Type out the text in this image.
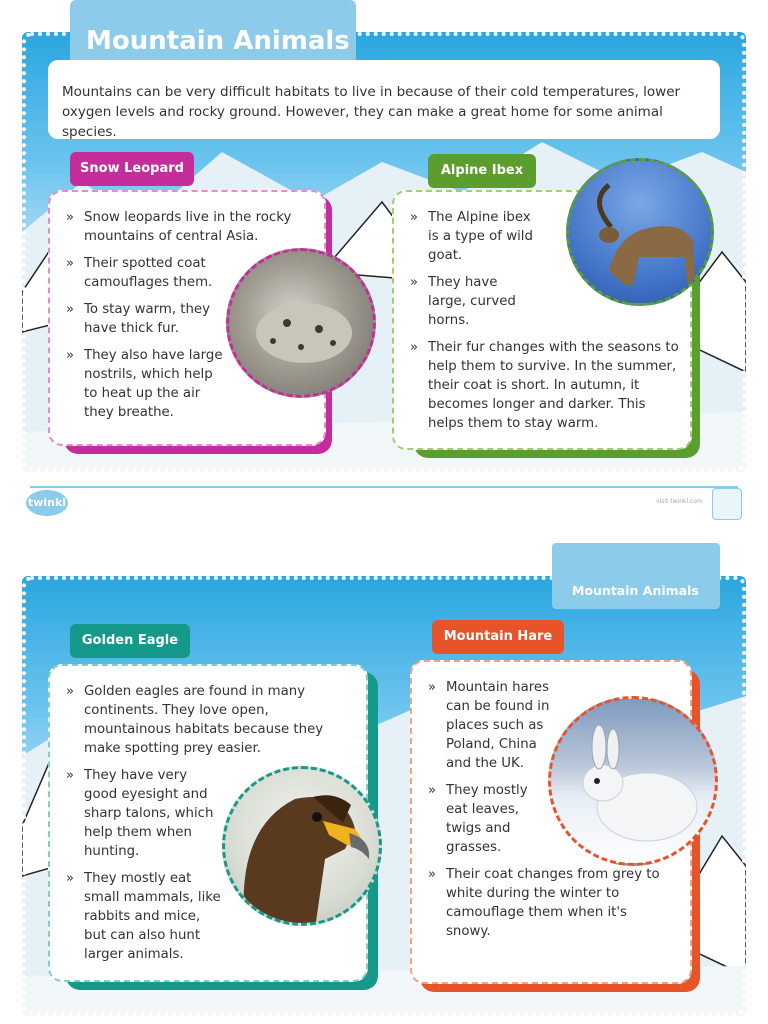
Mountain Animals

Mountains can be very difficult habitats to live in because of their cold temperatures, lower oxygen levels and rocky ground. However, they can make a great home for some animal species.

» Snow leopards live in the rocky mountains of central Asia.
» Their spotted coat camouflages them.
» To stay warm, they have thick fur.
» They also have large nostrils, which help to heat up the air they breathe.
Snow Leopard
» The Alpine ibex is a type of wild goat.
» They have large, curved horns.
» Their fur changes with the seasons to help them to survive. In the summer, their coat is short. In autumn, it becomes longer and darker. This helps them to stay warm.
Alpine Ibex
twinkl	visit twinkl.com
Mountain Animals
» Golden eagles are found in many continents. They love open, mountainous habitats because they make spotting prey easier.
» They have very good eyesight and sharp talons, which help them when hunting.
» They mostly eat small mammals, like rabbits and mice, but can also hunt larger animals.
Golden Eagle
» Mountain hares can be found in places such as Poland, China and the UK.
» They mostly eat leaves, twigs and grasses.
» Their coat changes from grey to white during the winter to camouflage them when it's snowy.
Mountain Hare
